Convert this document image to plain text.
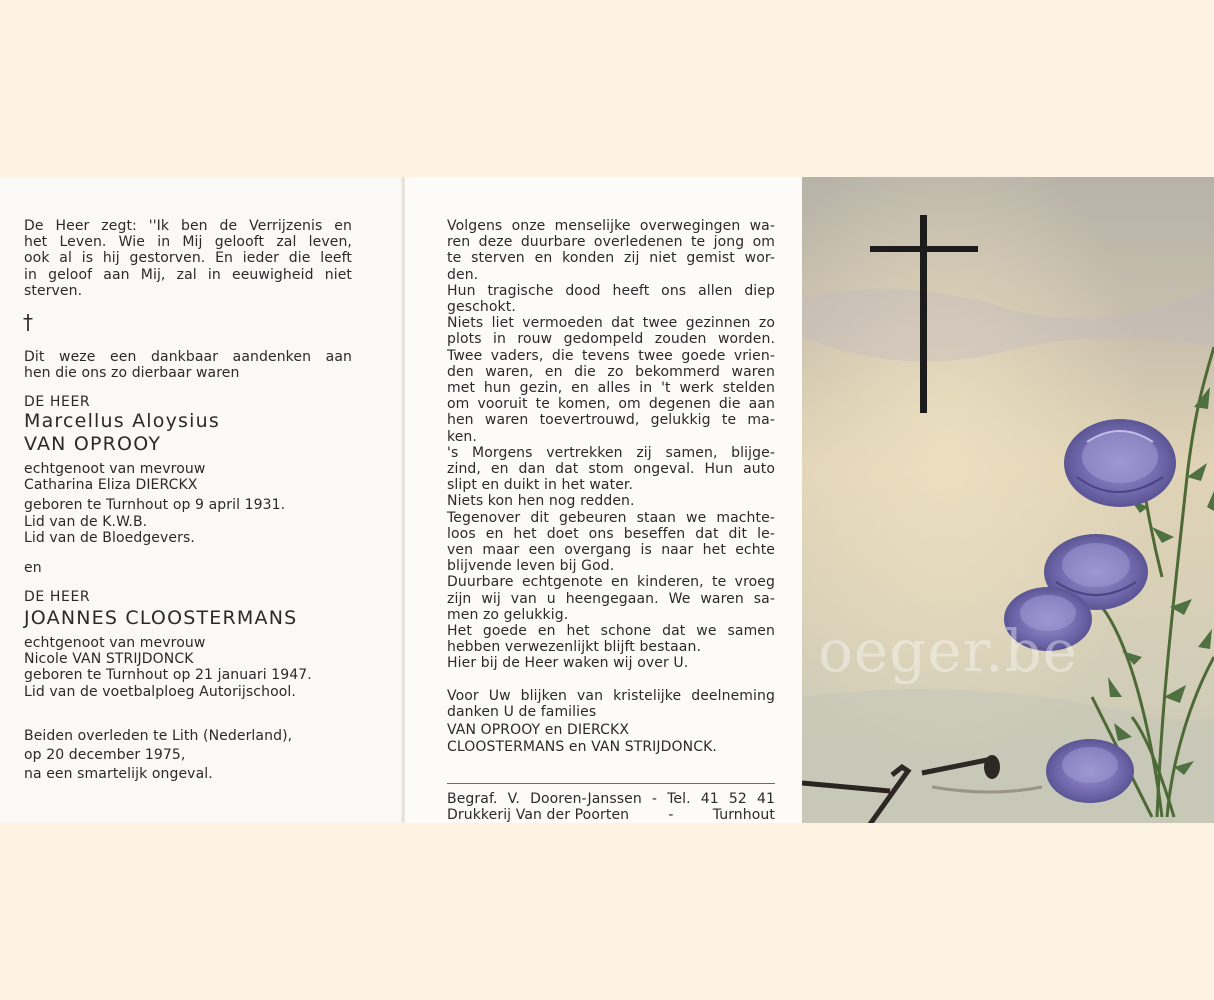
De Heer zegt: ''Ik ben de Verrijzenis en
het Leven. Wie in Mij gelooft zal leven,
ook al is hij gestorven. En ieder die leeft
in geloof aan Mij, zal in eeuwigheid niet
sterven.
†
Dit weze een dankbaar aandenken aan
hen die ons zo dierbaar waren
DE HEER
Marcellus Aloysius
VAN OPROOY
echtgenoot van mevrouw
Catharina Eliza DIERCKX
geboren te Turnhout op 9 april 1931.
Lid van de K.W.B.
Lid van de Bloedgevers.
en
DE HEER
JOANNES CLOOSTERMANS
echtgenoot van mevrouw
Nicole VAN STRIJDONCK
geboren te Turnhout op 21 januari 1947.
Lid van de voetbalploeg Autorijschool.
Beiden overleden te Lith (Nederland),
op 20 december 1975,
na een smartelijk ongeval.
Volgens onze menselijke overwegingen wa-
ren deze duurbare overledenen te jong om
te sterven en konden zij niet gemist wor-
den.
Hun tragische dood heeft ons allen diep
geschokt.
Niets liet vermoeden dat twee gezinnen zo
plots in rouw gedompeld zouden worden.
Twee vaders, die tevens twee goede vrien-
den waren, en die zo bekommerd waren
met hun gezin, en alles in 't werk stelden
om vooruit te komen, om degenen die aan
hen waren toevertrouwd, gelukkig te ma-
ken.
's Morgens vertrekken zij samen, blijge-
zind, en dan dat stom ongeval. Hun auto
slipt en duikt in het water.
Niets kon hen nog redden.
Tegenover dit gebeuren staan we machte-
loos en het doet ons beseffen dat dit le-
ven maar een overgang is naar het echte
blijvende leven bij God.
Duurbare echtgenote en kinderen, te vroeg
zijn wij van u heengegaan. We waren sa-
men zo gelukkig.
Het goede en het schone dat we samen
hebben verwezenlijkt blijft bestaan.
Hier bij de Heer waken wij over U.
Voor Uw blijken van kristelijke deelneming
danken U de families
VAN OPROOY en DIERCKX
CLOOSTERMANS en VAN STRIJDONCK.
Begraf. V. Dooren-Janssen - Tel. 41 52 41
Drukkerij Van der Poorten	-	Turnhout
oeger.be
